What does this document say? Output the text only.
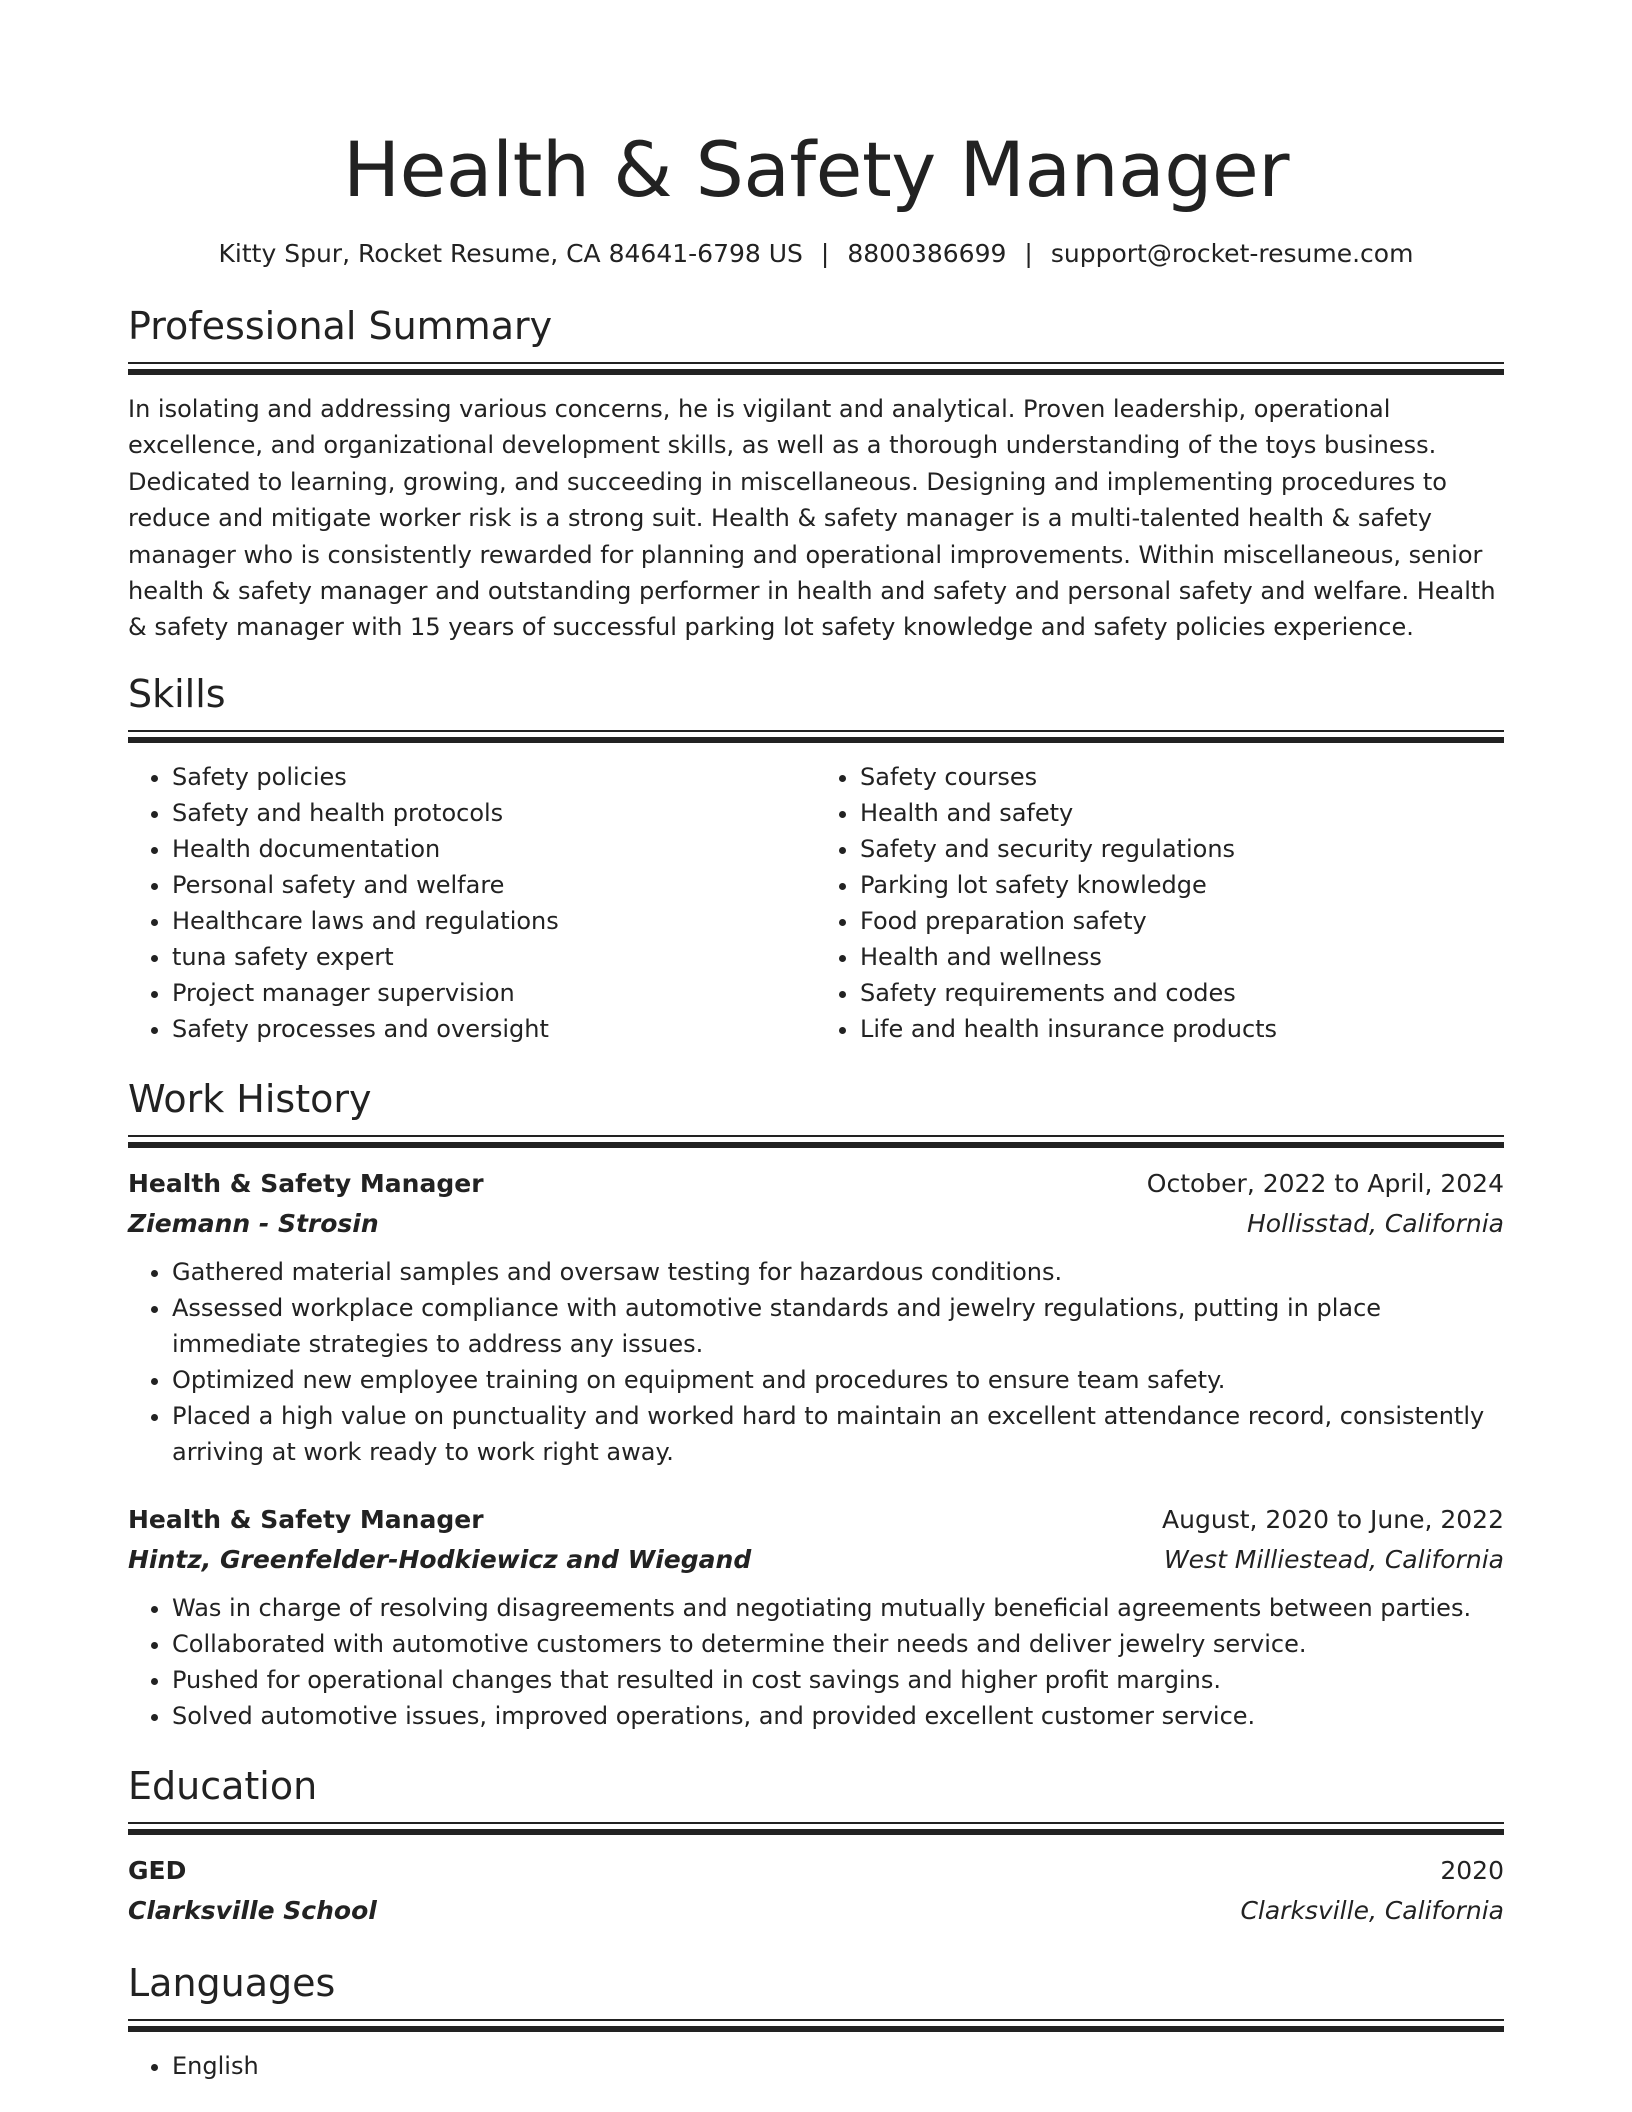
Health & Safety Manager
Kitty Spur, Rocket Resume, CA 84641-6798 US | 8800386699 | support@rocket-resume.com
Professional Summary

In isolating and addressing various concerns, he is vigilant and analytical. Proven leadership, operational excellence, and organizational development skills, as well as a thorough understanding of the toys business. Dedicated to learning, growing, and succeeding in miscellaneous. Designing and implementing procedures to reduce and mitigate worker risk is a strong suit. Health & safety manager is a multi-talented health & safety manager who is consistently rewarded for planning and operational improvements. Within miscellaneous, senior health & safety manager and outstanding performer in health and safety and personal safety and welfare. Health & safety manager with 15 years of successful parking lot safety knowledge and safety policies experience.

Skills
• Safety policies
• Safety and health protocols
• Health documentation
• Personal safety and welfare
• Healthcare laws and regulations
• tuna safety expert
• Project manager supervision
• Safety processes and oversight
• Safety courses
• Health and safety
• Safety and security regulations
• Parking lot safety knowledge
• Food preparation safety
• Health and wellness
• Safety requirements and codes
• Life and health insurance products
Work History
Health & Safety Manager	October, 2022 to April, 2024
Ziemann - Strosin	Hollisstad, California
• Gathered material samples and oversaw testing for hazardous conditions.
• Assessed workplace compliance with automotive standards and jewelry regulations, putting in place immediate strategies to address any issues.
• Optimized new employee training on equipment and procedures to ensure team safety.
• Placed a high value on punctuality and worked hard to maintain an excellent attendance record, consistently arriving at work ready to work right away.
Health & Safety Manager	August, 2020 to June, 2022
Hintz, Greenfelder-Hodkiewicz and Wiegand	West Milliestead, California
• Was in charge of resolving disagreements and negotiating mutually beneficial agreements between parties.
• Collaborated with automotive customers to determine their needs and deliver jewelry service.
• Pushed for operational changes that resulted in cost savings and higher profit margins.
• Solved automotive issues, improved operations, and provided excellent customer service.
Education
GED	2020
Clarksville School	Clarksville, California
Languages
• English
